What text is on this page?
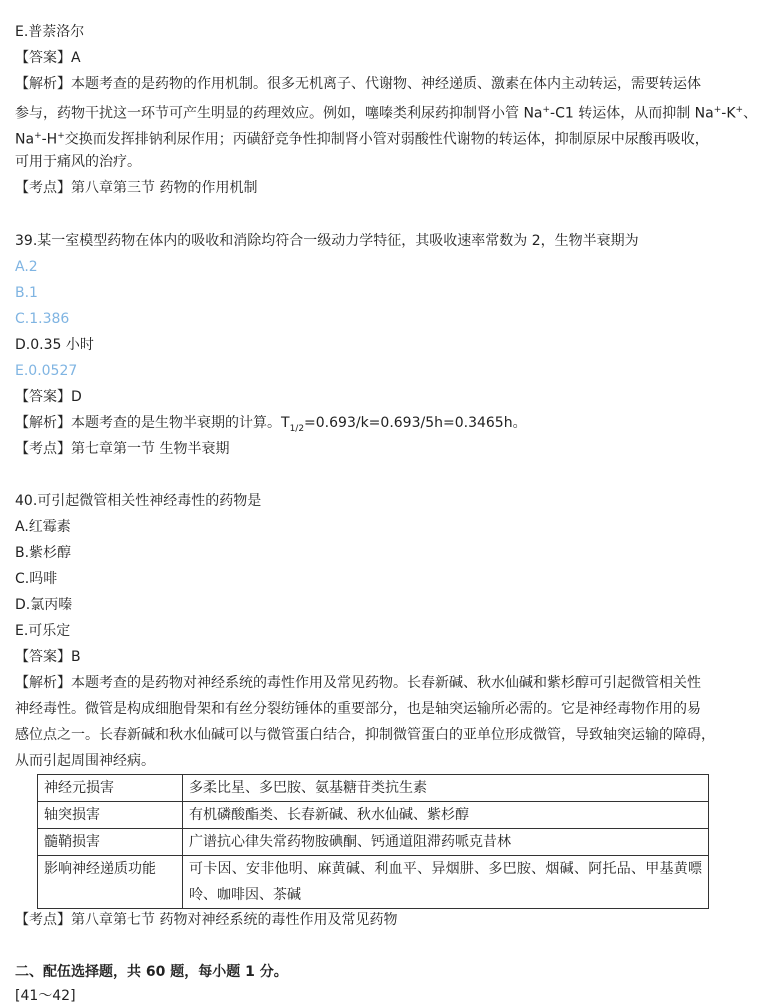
E.普萘洛尔
【答案】A
【解析】本题考查的是药物的作用机制。很多无机离子、代谢物、神经递质、激素在体内主动转运，需要转运体
参与，药物干扰这一环节可产生明显的药理效应。例如，噻嗪类利尿药抑制肾小管 Na+-C1 转运体，从而抑制 Na+-K+、
Na+-H+交换而发挥排钠利尿作用；丙磺舒竞争性抑制肾小管对弱酸性代谢物的转运体，抑制原尿中尿酸再吸收，
可用于痛风的治疗。
【考点】第八章第三节 药物的作用机制
39.某一室模型药物在体内的吸收和消除均符合一级动力学特征，其吸收速率常数为 2，生物半衰期为
A.2
B.1
C.1.386
D.0.35 小时
E.0.0527
【答案】D
【解析】本题考查的是生物半衰期的计算。$T_{1/2}=0.693/k=0.693/5h=0.3465h$。
【考点】第七章第一节 生物半衰期
40.可引起微管相关性神经毒性的药物是
A.红霉素
B.紫杉醇
C.吗啡
D.氯丙嗪
E.可乐定
【答案】B
【解析】本题考查的是药物对神经系统的毒性作用及常见药物。长春新碱、秋水仙碱和紫杉醇可引起微管相关性
神经毒性。微管是构成细胞骨架和有丝分裂纺锤体的重要部分，也是轴突运输所必需的。它是神经毒物作用的易
感位点之一。长春新碱和秋水仙碱可以与微管蛋白结合，抑制微管蛋白的亚单位形成微管，导致轴突运输的障碍，
从而引起周围神经病。
神经元损害	多柔比星、多巴胺、氨基糖苷类抗生素
轴突损害	有机磷酸酯类、长春新碱、秋水仙碱、紫杉醇
髓鞘损害	广谱抗心律失常药物胺碘酮、钙通道阻滞药哌克昔林
影响神经递质功能	可卡因、安非他明、麻黄碱、利血平、异烟肼、多巴胺、烟碱、阿托品、甲基黄嘌呤、咖啡因、茶碱
【考点】第八章第七节 药物对神经系统的毒性作用及常见药物
二、配伍选择题，共 60 题，每小题 1 分。
[41～42]
